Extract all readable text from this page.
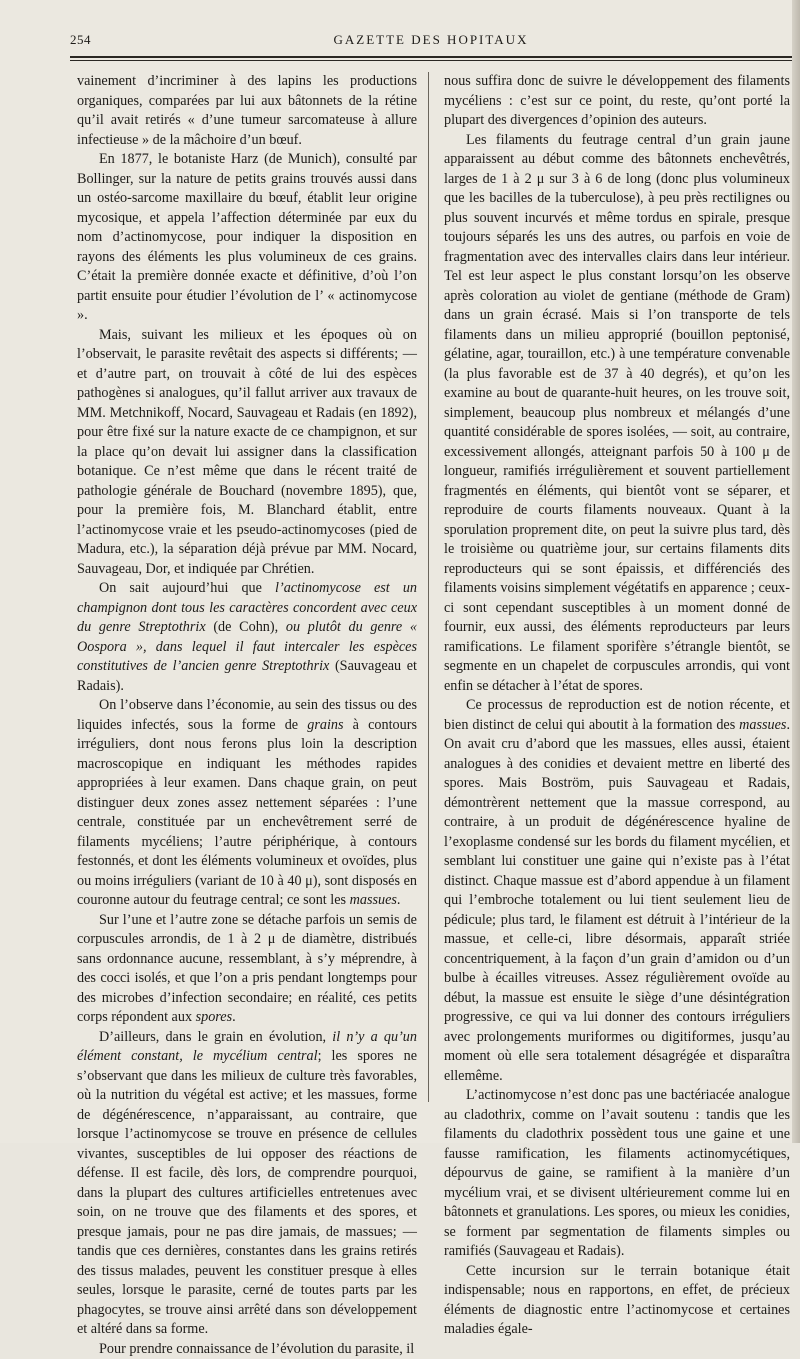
254	GAZETTE DES HOPITAUX

vainement d’incriminer à des lapins les productions organiques, comparées par lui aux bâtonnets de la rétine qu’il avait retirés « d’une tumeur sarcomateuse à allure infectieuse » de la mâchoire d’un bœuf.

En 1877, le botaniste Harz (de Munich), consulté par Bollinger, sur la nature de petits grains trouvés aussi dans un ostéo-sarcome maxillaire du bœuf, établit leur origine mycosique, et appela l’affection déterminée par eux du nom d’actinomycose, pour indiquer la disposition en rayons des éléments les plus volumineux de ces grains. C’était la première donnée exacte et définitive, d’où l’on partit ensuite pour étudier l’évolution de l’ « actinomycose ».

Mais, suivant les milieux et les époques où on l’observait, le parasite revêtait des aspects si différents; — et d’autre part, on trouvait à côté de lui des espèces pathogènes si analogues, qu’il fallut arriver aux travaux de MM. Metchnikoff, Nocard, Sauvageau et Radais (en 1892), pour être fixé sur la nature exacte de ce champignon, et sur la place qu’on devait lui assigner dans la classification botanique. Ce n’est même que dans le récent traité de pathologie générale de Bouchard (novembre 1895), que, pour la première fois, M. Blanchard établit, entre l’actinomycose vraie et les pseudo-actinomycoses (pied de Madura, etc.), la séparation déjà prévue par MM. Nocard, Sauvageau, Dor, et indiquée par Chrétien.

On sait aujourd’hui que l’actinomycose est un champignon dont tous les caractères concordent avec ceux du genre Streptothrix (de Cohn), ou plutôt du genre « Oospora », dans lequel il faut intercaler les espèces constitutives de l’ancien genre Streptothrix (Sauvageau et Radais).

On l’observe dans l’économie, au sein des tissus ou des liquides infectés, sous la forme de grains à contours irréguliers, dont nous ferons plus loin la description macroscopique en indiquant les méthodes rapides appropriées à leur examen. Dans chaque grain, on peut distinguer deux zones assez nettement séparées : l’une centrale, constituée par un enchevêtrement serré de filaments mycéliens; l’autre périphérique, à contours festonnés, et dont les éléments volumineux et ovoïdes, plus ou moins irréguliers (variant de 10 à 40 μ), sont disposés en couronne autour du feutrage central; ce sont les massues.

Sur l’une et l’autre zone se détache parfois un semis de corpuscules arrondis, de 1 à 2 μ de diamètre, distribués sans ordonnance aucune, ressemblant, à s’y méprendre, à des cocci isolés, et que l’on a pris pendant longtemps pour des microbes d’infection secondaire; en réalité, ces petits corps répondent aux spores.

D’ailleurs, dans le grain en évolution, il n’y a qu’un élément constant, le mycélium central; les spores ne s’observant que dans les milieux de culture très favorables, où la nutrition du végétal est active; et les massues, forme de dégénérescence, n’apparaissant, au contraire, que lorsque l’actinomycose se trouve en présence de cellules vivantes, susceptibles de lui opposer des réactions de défense. Il est facile, dès lors, de comprendre pourquoi, dans la plupart des cultures artificielles entretenues avec soin, on ne trouve que des filaments et des spores, et presque jamais, pour ne pas dire jamais, de massues; — tandis que ces dernières, constantes dans les grains retirés des tissus malades, peuvent les constituer presque à elles seules, lorsque le parasite, cerné de toutes parts par les phagocytes, se trouve ainsi arrêté dans son développement et altéré dans sa forme.

Pour prendre connaissance de l’évolution du parasite, il

nous suffira donc de suivre le développement des filaments mycéliens : c’est sur ce point, du reste, qu’ont porté la plupart des divergences d’opinion des auteurs.

Les filaments du feutrage central d’un grain jaune apparaissent au début comme des bâtonnets enchevêtrés, larges de 1 à 2 μ sur 3 à 6 de long (donc plus volumineux que les bacilles de la tuberculose), à peu près rectilignes ou plus souvent incurvés et même tordus en spirale, presque toujours séparés les uns des autres, ou parfois en voie de fragmentation avec des intervalles clairs dans leur intérieur. Tel est leur aspect le plus constant lorsqu’on les observe après coloration au violet de gentiane (méthode de Gram) dans un grain écrasé. Mais si l’on transporte de tels filaments dans un milieu approprié (bouillon peptonisé, gélatine, agar, touraillon, etc.) à une température convenable (la plus favorable est de 37 à 40 degrés), et qu’on les examine au bout de quarante-huit heures, on les trouve soit, simplement, beaucoup plus nombreux et mélangés d’une quantité considérable de spores isolées, — soit, au contraire, excessivement allongés, atteignant parfois 50 à 100 μ de longueur, ramifiés irrégulièrement et souvent partiellement fragmentés en éléments, qui bientôt vont se séparer, et reproduire de courts filaments nouveaux. Quant à la sporulation proprement dite, on peut la suivre plus tard, dès le troisième ou quatrième jour, sur certains filaments dits reproducteurs qui se sont épaissis, et différenciés des filaments voisins simplement végétatifs en apparence ; ceux-ci sont cependant susceptibles à un moment donné de fournir, eux aussi, des éléments reproducteurs par leurs ramifications. Le filament sporifère s’étrangle bientôt, se segmente en un chapelet de corpuscules arrondis, qui vont enfin se détacher à l’état de spores.

Ce processus de reproduction est de notion récente, et bien distinct de celui qui aboutit à la formation des massues. On avait cru d’abord que les massues, elles aussi, étaient analogues à des conidies et devaient mettre en liberté des spores. Mais Boström, puis Sauvageau et Radais, démontrèrent nettement que la massue correspond, au contraire, à un produit de dégénérescence hyaline de l’exoplasme condensé sur les bords du filament mycélien, et semblant lui constituer une gaine qui n’existe pas à l’état distinct. Chaque massue est d’abord appendue à un filament qui l’embroche totalement ou lui tient seulement lieu de pédicule; plus tard, le filament est détruit à l’intérieur de la massue, et celle-ci, libre désormais, apparaît striée concentriquement, à la façon d’un grain d’amidon ou d’un bulbe à écailles vitreuses. Assez régulièrement ovoïde au début, la massue est ensuite le siège d’une désintégration progressive, ce qui va lui donner des contours irréguliers avec prolongements muriformes ou digitiformes, jusqu’au moment où elle sera totalement désagrégée et disparaîtra ellemême.

L’actinomycose n’est donc pas une bactériacée analogue au cladothrix, comme on l’avait soutenu : tandis que les filaments du cladothrix possèdent tous une gaine et une fausse ramification, les filaments actinomycétiques, dépourvus de gaine, se ramifient à la manière d’un mycélium vrai, et se divisent ultérieurement comme lui en bâtonnets et granulations. Les spores, ou mieux les conidies, se forment par segmentation de filaments simples ou ramifiés (Sauvageau et Radais).

Cette incursion sur le terrain botanique était indispensable; nous en rapportons, en effet, de précieux éléments de diagnostic entre l’actinomycose et certaines maladies égale-
